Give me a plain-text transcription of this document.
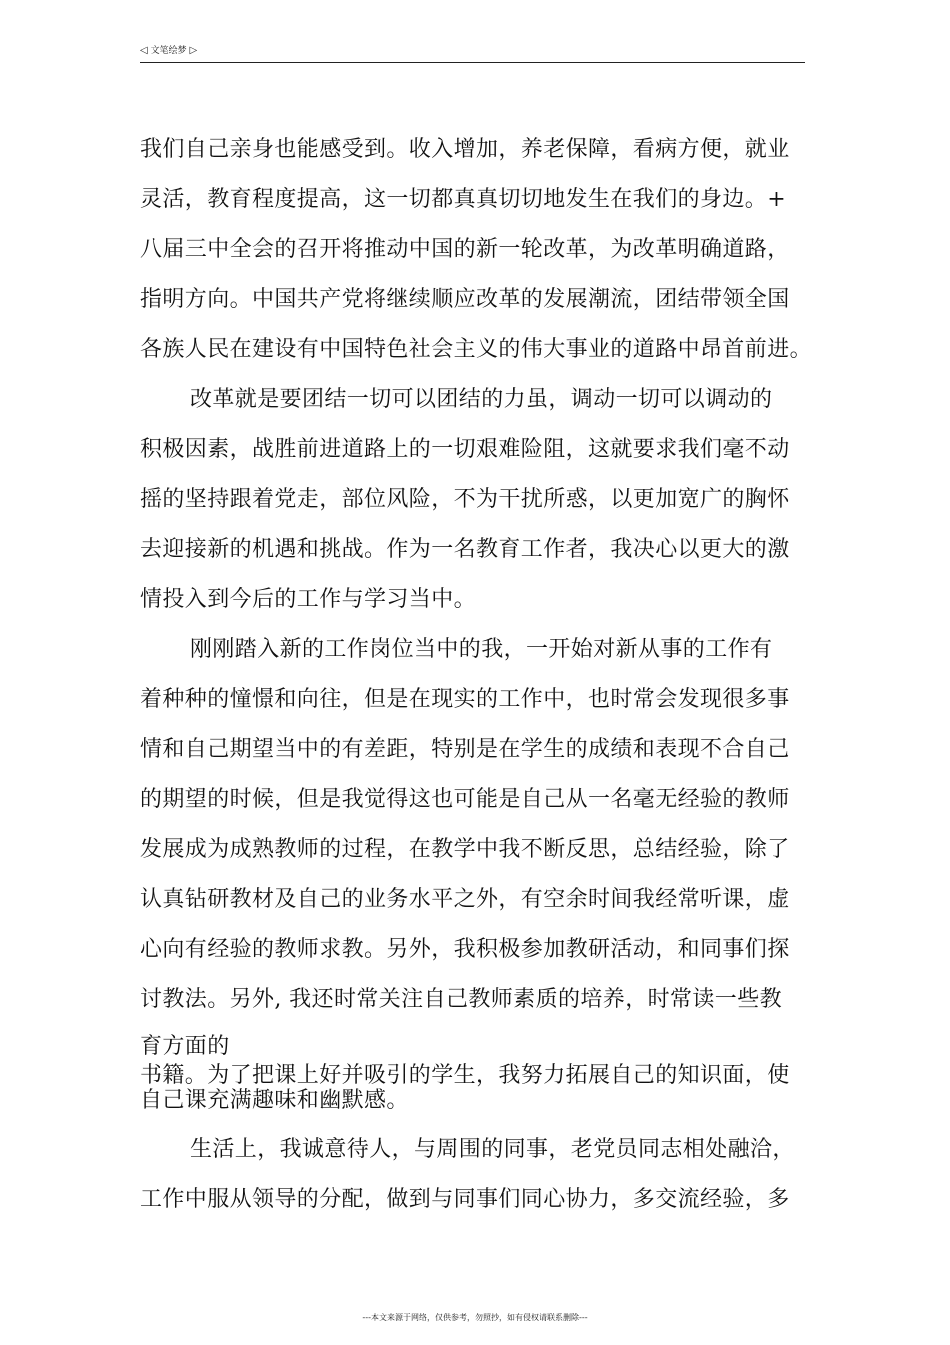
◁ 文笔绘梦 ▷
我们自己亲身也能感受到。收入增加，养老保障，看病方便，就业
灵活，教育程度提高，这一切都真真切切地发生在我们的身边。+
八届三中全会的召开将推动中国的新一轮改革，为改革明确道路，
指明方向。中国共产党将继续顺应改革的发展潮流，团结带领全国
各族人民在建设有中国特色社会主义的伟大事业的道路中昂首前进。
改革就是要团结一切可以团结的力虽，调动一切可以调动的
积极因素，战胜前进道路上的一切艰难险阻，这就要求我们毫不动
摇的坚持跟着党走，部位风险，不为干扰所惑，以更加宽广的胸怀
去迎接新的机遇和挑战。作为一名教育工作者，我决心以更大的激
情投入到今后的工作与学习当中。
刚刚踏入新的工作岗位当中的我，一开始对新从事的工作有
着种种的憧憬和向往，但是在现实的工作中，也时常会发现很多事
情和自己期望当中的有差距，特别是在学生的成绩和表现不合自己
的期望的时候，但是我觉得这也可能是自己从一名毫无经验的教师
发展成为成熟教师的过程，在教学中我不断反思，总结经验，除了
认真钻研教材及自己的业务水平之外，有空余时间我经常听课，虚
心向有经验的教师求教。另外，我积极参加教研活动，和同事们探
讨教法。另外, 我还时常关注自己教师素质的培养，时常读一些教
育方面的
书籍。为了把课上好并吸引的学生，我努力拓展自己的知识面，使
自己课充满趣味和幽默感。
生活上，我诚意待人，与周围的同事，老党员同志相处融洽，
工作中服从领导的分配，做到与同事们同心协力，多交流经验，多
---本文来源于网络，仅供参考，勿照抄，如有侵权请联系删除---
